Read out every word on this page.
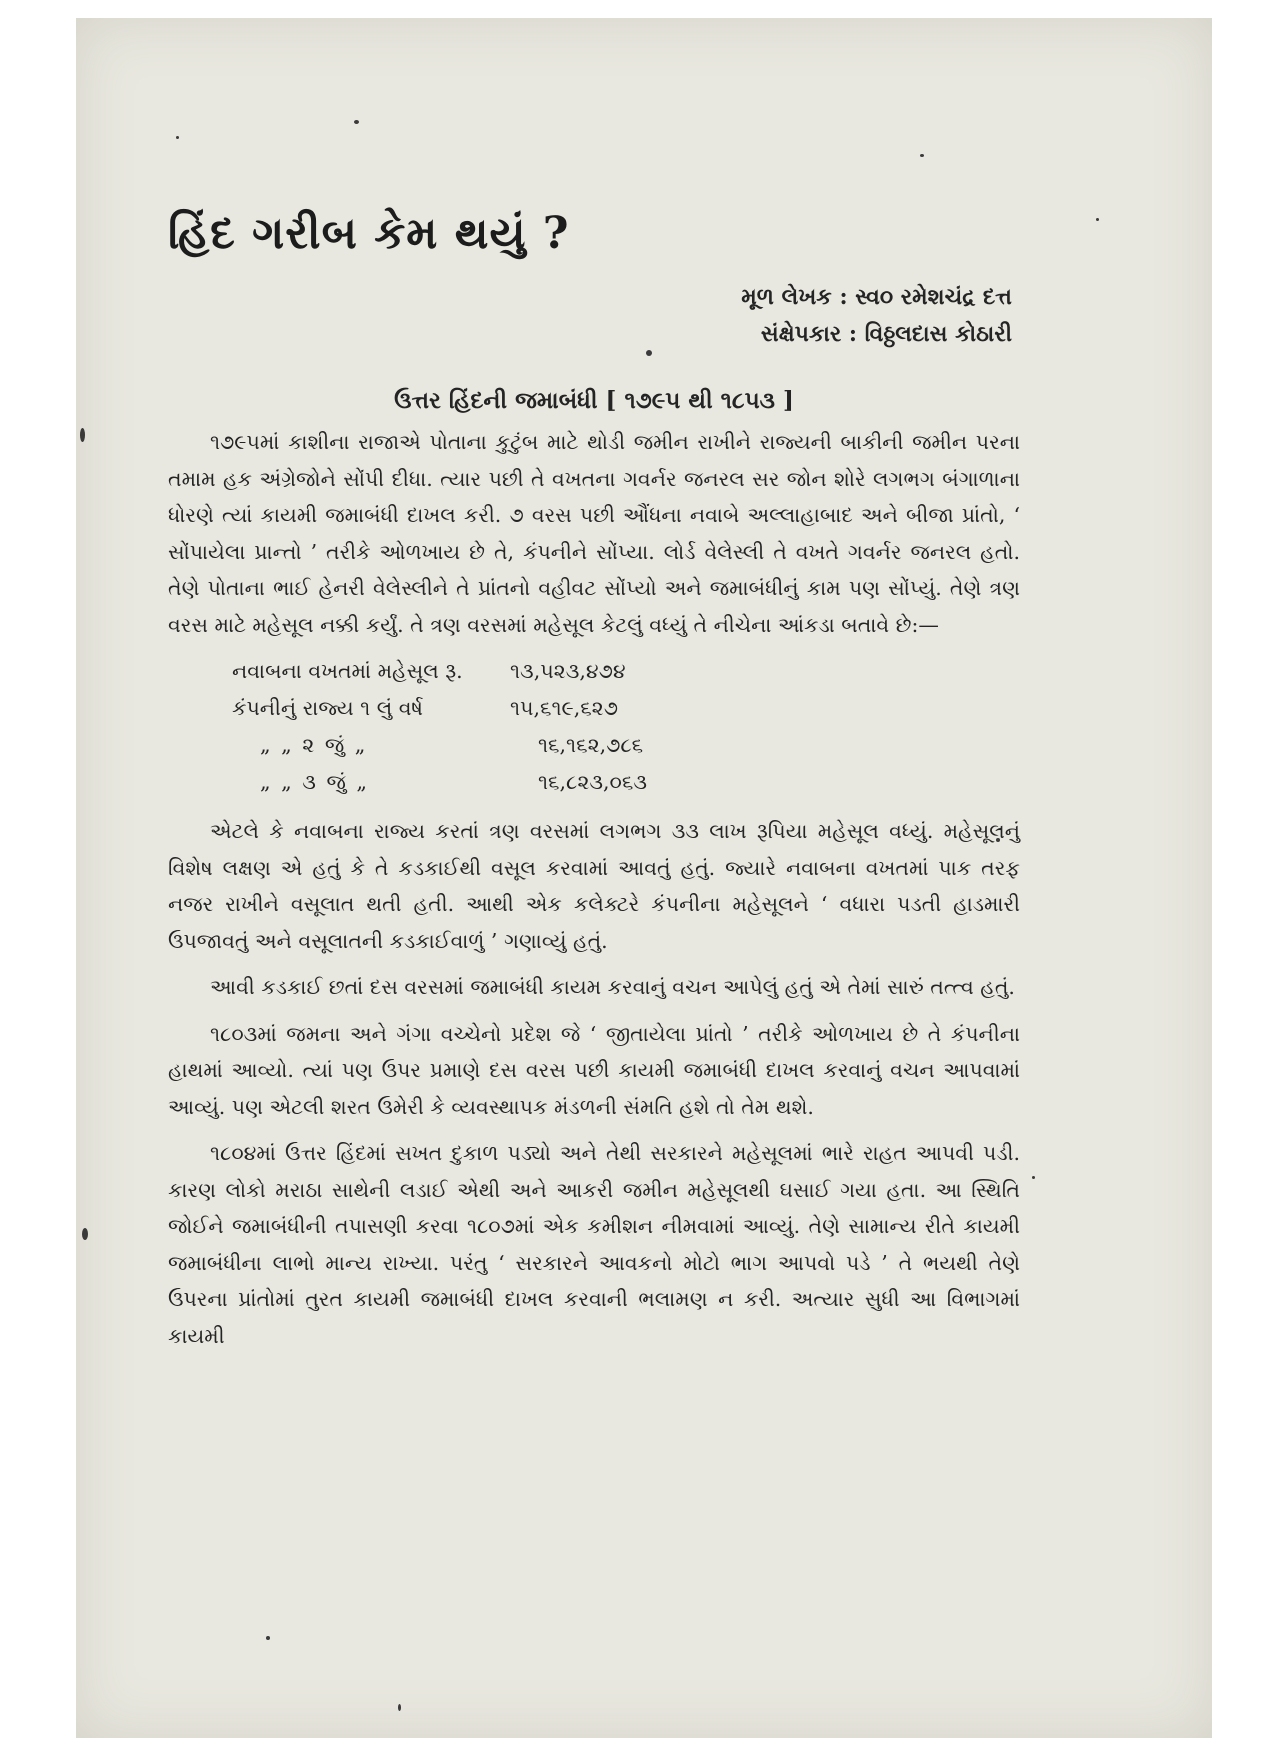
હિંદ ગરીબ કેમ થયું ?
મૂળ લેખક : સ્વ૦ રમેશચંદ્ર દત્ત
સંક્ષેપકાર : વિઠ્ઠલદાસ કોઠારી
ઉત્તર હિંદની જમાબંધી [ ૧૭૯૫ થી ૧૮૫૩ ]

૧૭૯૫માં કાશીના રાજાએ પોતાના કુટુંબ માટે થોડી જમીન રાખીને રાજ્યની બાકીની જમીન પરના તમામ હક અંગ્રેજોને સોંપી દીધા. ત્યાર પછી તે વખતના ગવર્નર જનરલ સર જોન શોરે લગભગ બંગાળાના ધોરણે ત્યાં કાયમી જમાબંધી દાખલ કરી. ૭ વરસ પછી ઔંધના નવાબે અલ્લાહાબાદ અને બીજા પ્રાંતો, ‘ સોંપાયેલા પ્રાન્તો ’ તરીકે ઓળખાય છે તે, કંપનીને સોંપ્યા. લોર્ડ વેલેસ્લી તે વખતે ગવર્નર જનરલ હતો. તેણે પોતાના ભાઈ હેનરી વેલેસ્લીને તે પ્રાંતનો વહીવટ સોંપ્યો અને જમાબંધીનું કામ પણ સોંપ્યું. તેણે ત્રણ વરસ માટે મહેસૂલ નક્કી કર્યું. તે ત્રણ વરસમાં મહેસૂલ કેટલું વધ્યું તે નીચેના આંકડા બતાવે છે:—

નવાબના વખતમાં મહેસૂલ રૂ.	૧૩,૫૨૩,૪૭૪
કંપનીનું રાજ્ય ૧ લું વર્ષ	૧૫,૬૧૯,૬૨૭
„ „ ૨ જું „	૧૬,૧૬૨,૭૮૬
„ „ ૩ જું „	૧૬,૮૨૩,૦૬૩

એટલે કે નવાબના રાજ્ય કરતાં ત્રણ વરસમાં લગભગ ૩૩ લાખ રૂપિયા મહેસૂલ વધ્યું. મહેસૂલનું વિશેષ લક્ષણ એ હતું કે તે કડકાઈથી વસૂલ કરવામાં આવતું હતું. જ્યારે નવાબના વખતમાં પાક તરફ નજર રાખીને વસૂલાત થતી હતી. આથી એક કલેક્ટરે કંપનીના મહેસૂલને ‘ વધારા પડતી હાડમારી ઉપજાવતું અને વસૂલાતની કડકાઈવાળું ’ ગણાવ્યું હતું.

આવી કડકાઈ છતાં દસ વરસમાં જમાબંધી કાયમ કરવાનું વચન આપેલું હતું એ તેમાં સારું તત્ત્વ હતું.

૧૮૦૩માં જમના અને ગંગા વચ્ચેનો પ્રદેશ જે ‘ જીતાયેલા પ્રાંતો ’ તરીકે ઓળખાય છે તે કંપનીના હાથમાં આવ્યો. ત્યાં પણ ઉપર પ્રમાણે દસ વરસ પછી કાયમી જમાબંધી દાખલ કરવાનું વચન આપવામાં આવ્યું. પણ એટલી શરત ઉમેરી કે વ્યવસ્થાપક મંડળની સંમતિ હશે તો તેમ થશે.

૧૮૦૪માં ઉત્તર હિંદમાં સખત દુકાળ પડ્યો અને તેથી સરકારને મહેસૂલમાં ભારે રાહત આપવી પડી. કારણ લોકો મરાઠા સાથેની લડાઈ એથી અને આકરી જમીન મહેસૂલથી ઘસાઈ ગયા હતા. આ સ્થિતિ જોઈને જમાબંધીની તપાસણી કરવા ૧૮૦૭માં એક કમીશન નીમવામાં આવ્યું. તેણે સામાન્ય રીતે કાયમી જમાબંધીના લાભો માન્ય રાખ્યા. પરંતુ ‘ સરકારને આવકનો મોટો ભાગ આપવો પડે ’ તે ભયથી તેણે ઉપરના પ્રાંતોમાં તુરત કાયમી જમાબંધી દાખલ કરવાની ભલામણ ન કરી. અત્યાર સુધી આ વિભાગમાં કાયમી
